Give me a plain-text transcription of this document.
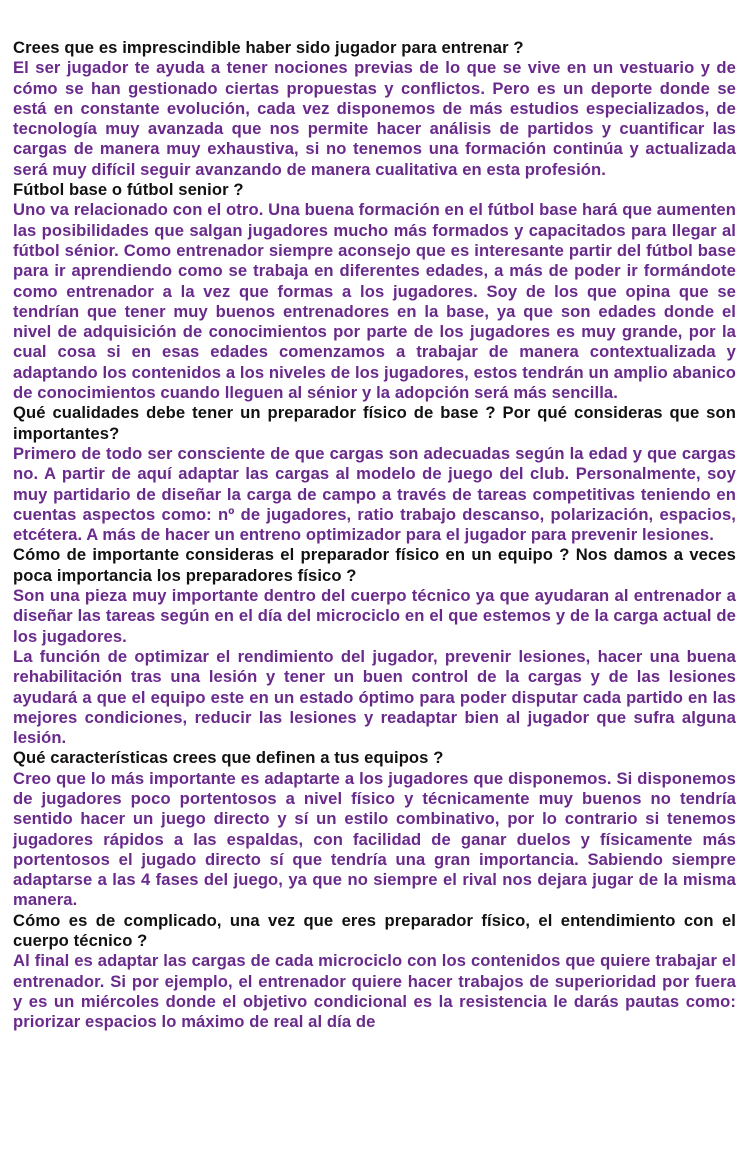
Crees que es imprescindible haber sido jugador para entrenar ?

El ser jugador te ayuda a tener nociones previas de lo que se vive en un vestuario y de cómo se han gestionado ciertas propuestas y conflictos. Pero es un deporte donde se está en constante evolución, cada vez disponemos de más estudios especializados, de tecnología muy avanzada que nos permite hacer análisis de partidos y cuantificar las cargas de manera muy exhaustiva, si no tenemos una formación continúa y actualizada será muy difícil seguir avanzando de manera cualitativa en esta profesión.

Fútbol base o fútbol senior ?

Uno va relacionado con el otro. Una buena formación en el fútbol base hará que aumenten las posibilidades que salgan jugadores mucho más formados y capacitados para llegar al fútbol sénior. Como entrenador siempre aconsejo que es interesante partir del fútbol base para ir aprendiendo como se trabaja en diferentes edades, a más de poder ir formándote como entrenador a la vez que formas a los jugadores. Soy de los que opina que se tendrían que tener muy buenos entrenadores en la base, ya que son edades donde el nivel de adquisición de conocimientos por parte de los jugadores es muy grande, por la cual cosa si en esas edades comenzamos a trabajar de manera contextualizada y adaptando los contenidos a los niveles de los jugadores, estos tendrán un amplio abanico de conocimientos cuando lleguen al sénior y la adopción será más sencilla.

Qué cualidades debe tener un preparador físico de base ? Por qué consideras que son importantes?

Primero de todo ser consciente de que cargas son adecuadas según la edad y que cargas no. A partir de aquí adaptar las cargas al modelo de juego del club. Personalmente, soy muy partidario de diseñar la carga de campo a través de tareas competitivas teniendo en cuentas aspectos como: nº de jugadores, ratio trabajo descanso, polarización, espacios, etcétera. A más de hacer un entreno optimizador para el jugador para prevenir lesiones.

Cómo de importante consideras el preparador físico en un equipo ? Nos damos a veces poca importancia los preparadores físico ?

Son una pieza muy importante dentro del cuerpo técnico ya que ayudaran al entrenador a diseñar las tareas según en el día del microciclo en el que estemos y de la carga actual de los jugadores.

La función de optimizar el rendimiento del jugador, prevenir lesiones, hacer una buena rehabilitación tras una lesión y tener un buen control de la cargas y de las lesiones ayudará a que el equipo este en un estado óptimo para poder disputar cada partido en las mejores condiciones, reducir las lesiones y readaptar bien al jugador que sufra alguna lesión.

Qué características crees que definen a tus equipos ?

Creo que lo más importante es adaptarte a los jugadores que disponemos. Si disponemos de jugadores poco portentosos a nivel físico y técnicamente muy buenos no tendría sentido hacer un juego directo y sí un estilo combinativo, por lo contrario si tenemos jugadores rápidos a las espaldas, con facilidad de ganar duelos y físicamente más portentosos el jugado directo sí que tendría una gran importancia. Sabiendo siempre adaptarse a las 4 fases del juego, ya que no siempre el rival nos dejara jugar de la misma manera.

Cómo es de complicado, una vez que eres preparador físico, el entendimiento con el cuerpo técnico ?

Al final es adaptar las cargas de cada microciclo con los contenidos que quiere trabajar el entrenador. Si por ejemplo, el entrenador quiere hacer trabajos de superioridad por fuera y es un miércoles donde el objetivo condicional es la resistencia le darás pautas como: priorizar espacios lo máximo de real al día de
